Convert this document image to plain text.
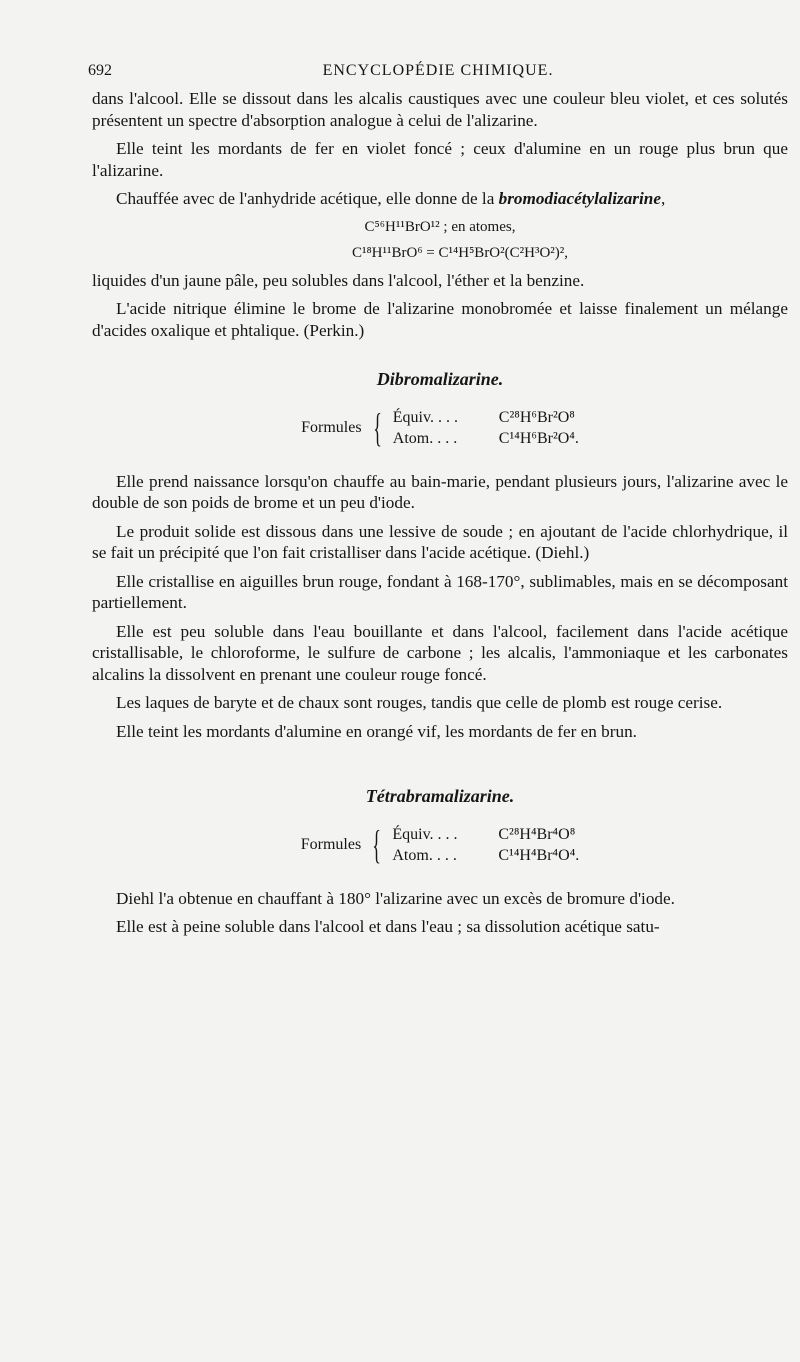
692	ENCYCLOPÉDIE CHIMIQUE.

dans l'alcool. Elle se dissout dans les alcalis caustiques avec une couleur bleu violet, et ces solutés présentent un spectre d'absorption analogue à celui de l'alizarine.

Elle teint les mordants de fer en violet foncé ; ceux d'alumine en un rouge plus brun que l'alizarine.

Chauffée avec de l'anhydride acétique, elle donne de la bromodiacétylalizarine,

C⁵⁶H¹¹BrO¹² ; en atomes,
C¹⁸H¹¹BrO⁶ = C¹⁴H⁵BrO²(C²H³O²)²,

liquides d'un jaune pâle, peu solubles dans l'alcool, l'éther et la benzine.

L'acide nitrique élimine le brome de l'alizarine monobromée et laisse finalement un mélange d'acides oxalique et phtalique. (Perkin.)

Dibromalizarine.
Formules { Équiv. . . .	C²⁸H⁶Br²O⁸
Atom. . . .	C¹⁴H⁶Br²O⁴.

Elle prend naissance lorsqu'on chauffe au bain-marie, pendant plusieurs jours, l'alizarine avec le double de son poids de brome et un peu d'iode.

Le produit solide est dissous dans une lessive de soude ; en ajoutant de l'acide chlorhydrique, il se fait un précipité que l'on fait cristalliser dans l'acide acétique. (Diehl.)

Elle cristallise en aiguilles brun rouge, fondant à 168-170°, sublimables, mais en se décomposant partiellement.

Elle est peu soluble dans l'eau bouillante et dans l'alcool, facilement dans l'acide acétique cristallisable, le chloroforme, le sulfure de carbone ; les alcalis, l'ammoniaque et les carbonates alcalins la dissolvent en prenant une couleur rouge foncé.

Les laques de baryte et de chaux sont rouges, tandis que celle de plomb est rouge cerise.

Elle teint les mordants d'alumine en orangé vif, les mordants de fer en brun.

Tétrabramalizarine.
Formules { Équiv. . . .	C²⁸H⁴Br⁴O⁸
Atom. . . .	C¹⁴H⁴Br⁴O⁴.

Diehl l'a obtenue en chauffant à 180° l'alizarine avec un excès de bromure d'iode.

Elle est à peine soluble dans l'alcool et dans l'eau ; sa dissolution acétique satu-
